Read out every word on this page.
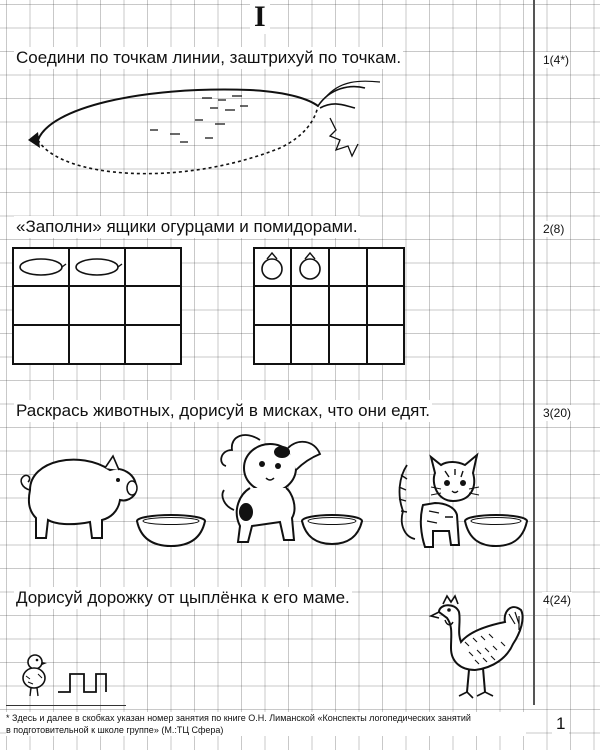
I
Соедини по точкам линии, заштрихуй по точкам.	1(4*)
«Заполни» ящики огурцами и помидорами.	2(8)
Раскрась животных, дорисуй в мисках, что они едят.	3(20)
Дорисуй дорожку от цыплёнка к его маме.	4(24)
* Здесь и далее в скобках указан номер занятия по книге О.Н. Лиманской «Конспекты логопедических занятий
в подготовительной к школе группе» (М.:ТЦ Сфера)	1
